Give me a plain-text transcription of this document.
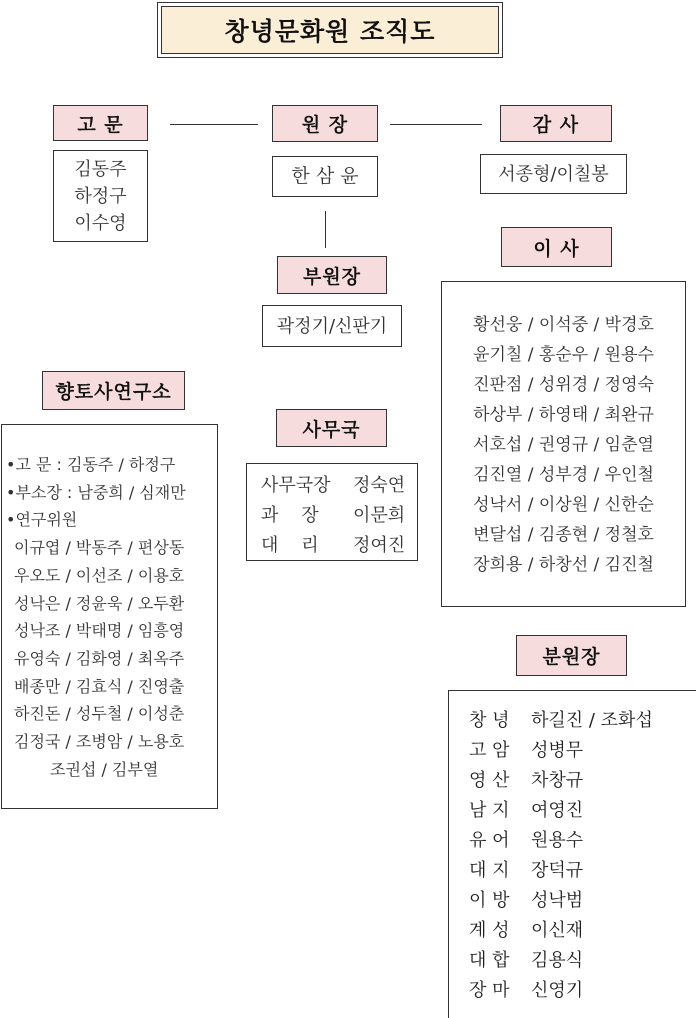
창녕문화원 조직도
고 문
김동주
하정구
이수영
원 장
한 삼 윤
감 사
서종형/이칠봉
부원장
곽정기/신판기
이 사
황선웅 / 이석중 / 박경호
윤기칠 / 홍순우 / 원용수
진판점 / 성위경 / 정영숙
하상부 / 하영태 / 최완규
서호섭 / 권영규 / 임춘열
김진열 / 성부경 / 우인철
성낙서 / 이상원 / 신한순
변달섭 / 김종현 / 정철호
장희용 / 하창선 / 김진철
사무국
사무국장	정숙연
과    장	이문희
대    리	정여진
향토사연구소
•고 문 : 김동주 / 하정구
•부소장 : 남중희 / 심재만
•연구위원
이규엽 / 박동주 / 편상동
우오도 / 이선조 / 이용호
성낙은 / 정윤욱 / 오두환
성낙조 / 박태명 / 임흥영
유영숙 / 김화영 / 최옥주
배종만 / 김효식 / 진영출
하진돈 / 성두철 / 이성춘
김정국 / 조병암 / 노용호
조권섭 / 김부열
분원장
창 녕	하길진 / 조화섭
고 암	성병무
영 산	차창규
남 지	여영진
유 어	원용수
대 지	장덕규
이 방	성낙범
계 성	이신재
대 합	김용식
장 마	신영기
